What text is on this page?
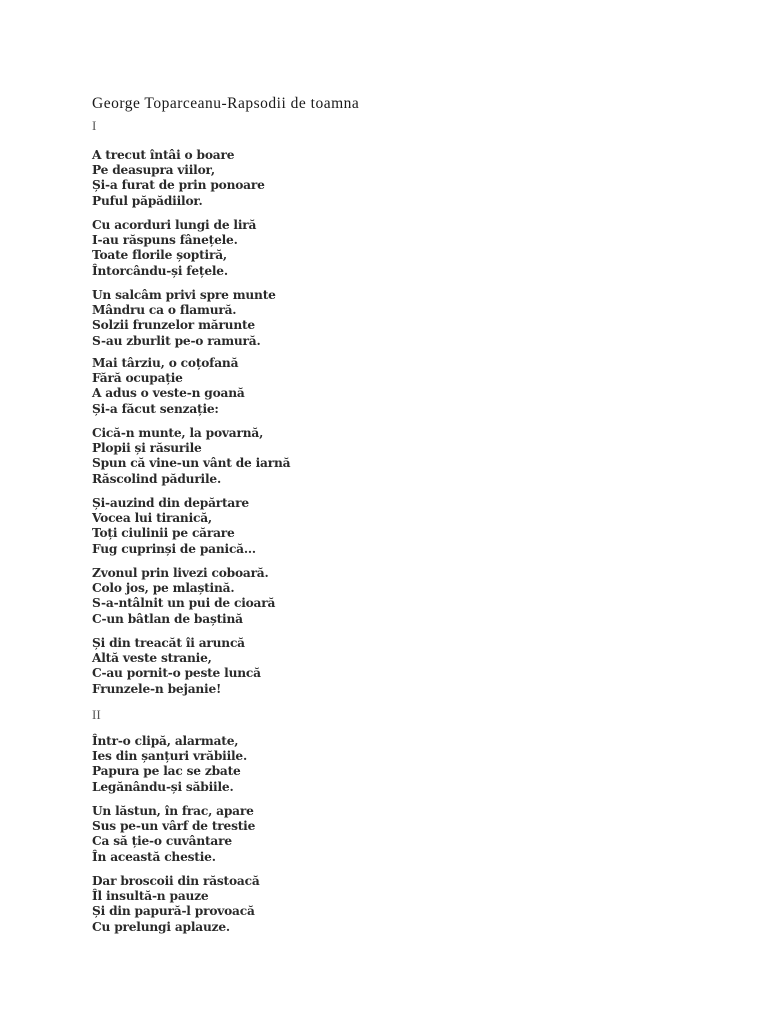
George Toparceanu-Rapsodii de toamna
I
A trecut întâi o boare
Pe deasupra viilor,
Și-a furat de prin ponoare
Puful păpădiilor.
Cu acorduri lungi de liră
I-au răspuns fânețele.
Toate florile șoptiră,
Întorcându-și fețele.
Un salcâm privi spre munte
Mândru ca o flamură.
Solzii frunzelor mărunte
S-au zburlit pe-o ramură.
Mai târziu, o coțofană
Fără ocupație
A adus o veste-n goană
Și-a făcut senzație:
Cică-n munte, la povarnă,
Plopii și răsurile
Spun că vine-un vânt de iarnă
Răscolind pădurile.
Și-auzind din depărtare
Vocea lui tiranică,
Toți ciulinii pe cărare
Fug cuprinși de panică…
Zvonul prin livezi coboară.
Colo jos, pe mlaștină.
S-a-ntâlnit un pui de cioară
C-un bâtlan de baștină
Și din treacăt îi aruncă
Altă veste stranie,
C-au pornit-o peste luncă
Frunzele-n bejanie!
II
Într-o clipă, alarmate,
Ies din șanțuri vrăbiile.
Papura pe lac se zbate
Legănându-și săbiile.
Un lăstun, în frac, apare
Sus pe-un vârf de trestie
Ca să ție-o cuvântare
În această chestie.
Dar broscoii din răstoacă
Îl insultă-n pauze
Și din papură-l provoacă
Cu prelungi aplauze.
